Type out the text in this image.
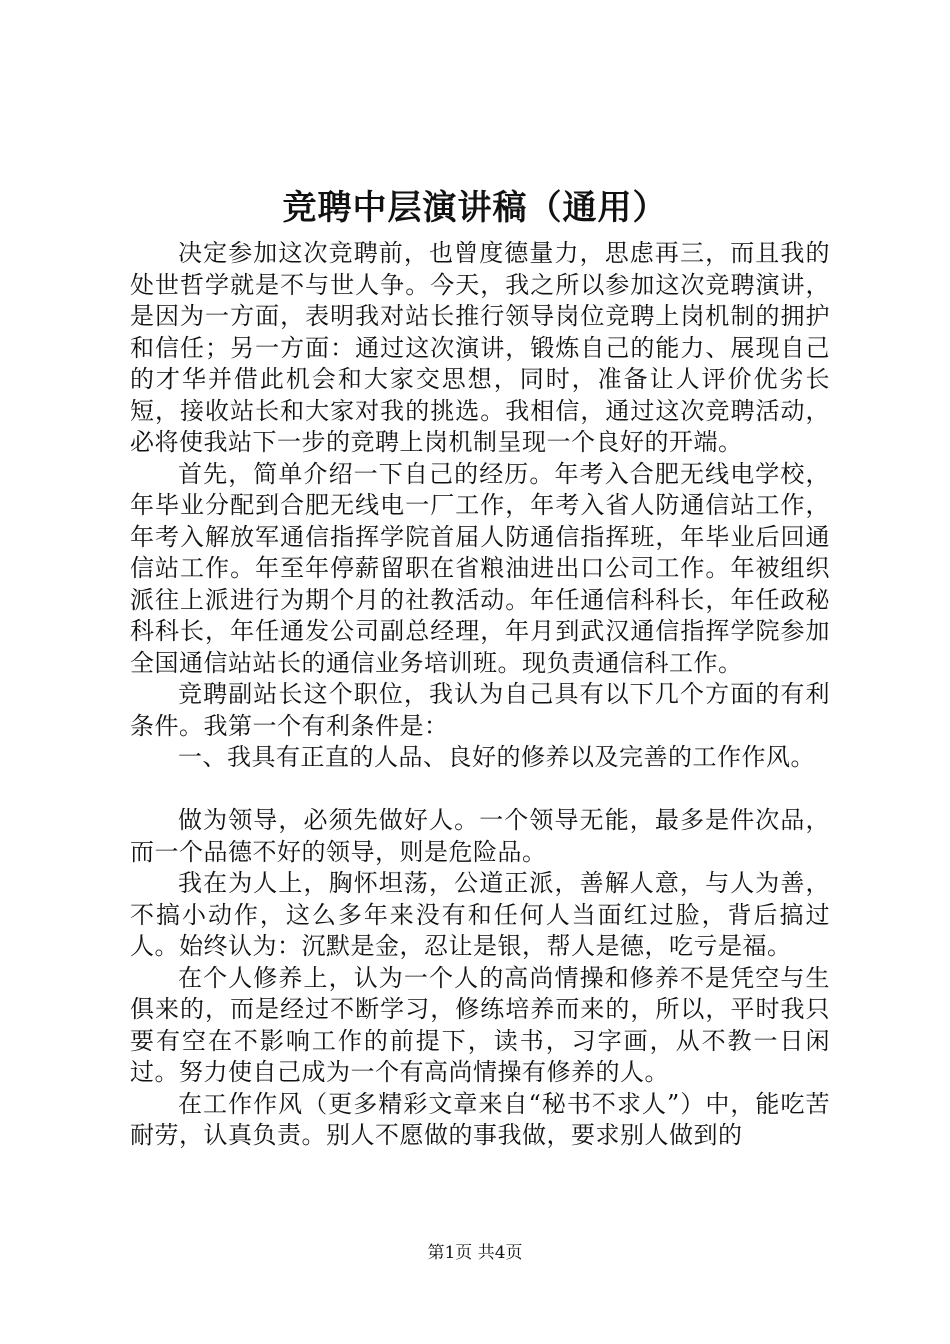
竞聘中层演讲稿（通用）

决定参加这次竞聘前，也曾度德量力，思虑再三，而且我的处世哲学就是不与世人争。今天，我之所以参加这次竞聘演讲，是因为一方面，表明我对站长推行领导岗位竞聘上岗机制的拥护和信任；另一方面：通过这次演讲，锻炼自己的能力、展现自己的才华并借此机会和大家交思想，同时，准备让人评价优劣长短，接收站长和大家对我的挑选。我相信，通过这次竞聘活动，必将使我站下一步的竞聘上岗机制呈现一个良好的开端。

首先，简单介绍一下自己的经历。年考入合肥无线电学校，年毕业分配到合肥无线电一厂工作，年考入省人防通信站工作，年考入解放军通信指挥学院首届人防通信指挥班，年毕业后回通信站工作。年至年停薪留职在省粮油进出口公司工作。年被组织派往上派进行为期个月的社教活动。年任通信科科长，年任政秘科科长，年任通发公司副总经理，年月到武汉通信指挥学院参加全国通信站站长的通信业务培训班。现负责通信科工作。

竞聘副站长这个职位，我认为自己具有以下几个方面的有利条件。我第一个有利条件是：

一、我具有正直的人品、良好的修养以及完善的工作作风。

做为领导，必须先做好人。一个领导无能，最多是件次品，而一个品德不好的领导，则是危险品。

我在为人上，胸怀坦荡，公道正派，善解人意，与人为善，不搞小动作，这么多年来没有和任何人当面红过脸，背后搞过人。始终认为：沉默是金，忍让是银，帮人是德，吃亏是福。

在个人修养上，认为一个人的高尚情操和修养不是凭空与生俱来的，而是经过不断学习，修练培养而来的，所以，平时我只要有空在不影响工作的前提下，读书，习字画，从不教一日闲过。努力使自己成为一个有高尚情操有修养的人。

在工作作风（更多精彩文章来自“秘书不求人”）中，能吃苦耐劳，认真负责。别人不愿做的事我做，要求别人做到的

第1页 共4页
